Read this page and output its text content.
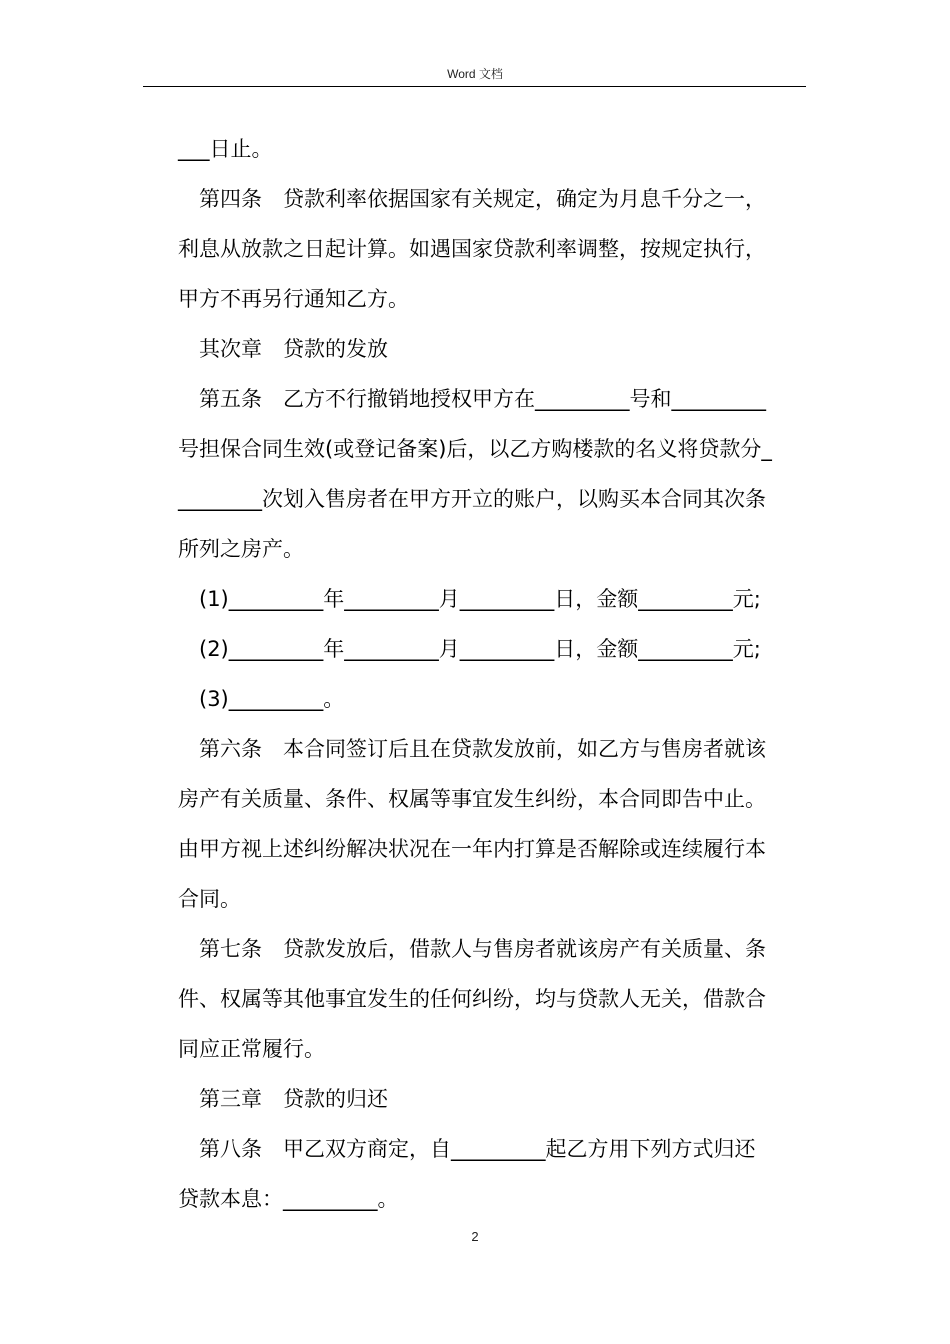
Word 文档
___日止。
第四条　贷款利率依据国家有关规定，确定为月息千分之一，
利息从放款之日起计算。如遇国家贷款利率调整，按规定执行，
甲方不再另行通知乙方。
其次章　贷款的发放
第五条　乙方不行撤销地授权甲方在_________号和_________
号担保合同生效(或登记备案)后，以乙方购楼款的名义将贷款分_
________次划入售房者在甲方开立的账户，以购买本合同其次条
所列之房产。
(1)_________年_________月_________日，金额_________元;
(2)_________年_________月_________日，金额_________元;
(3)_________。
第六条　本合同签订后且在贷款发放前，如乙方与售房者就该
房产有关质量、条件、权属等事宜发生纠纷，本合同即告中止。
由甲方视上述纠纷解决状况在一年内打算是否解除或连续履行本
合同。
第七条　贷款发放后，借款人与售房者就该房产有关质量、条
件、权属等其他事宜发生的任何纠纷，均与贷款人无关，借款合
同应正常履行。
第三章　贷款的归还
第八条　甲乙双方商定，自_________起乙方用下列方式归还
贷款本息：_________。
2
